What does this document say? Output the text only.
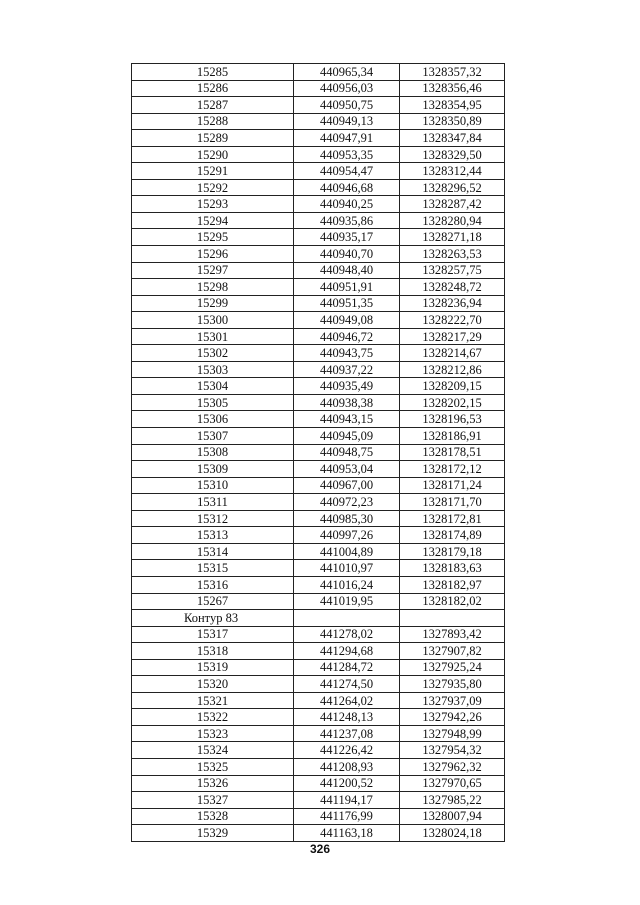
15285	440965,34	1328357,32
15286	440956,03	1328356,46
15287	440950,75	1328354,95
15288	440949,13	1328350,89
15289	440947,91	1328347,84
15290	440953,35	1328329,50
15291	440954,47	1328312,44
15292	440946,68	1328296,52
15293	440940,25	1328287,42
15294	440935,86	1328280,94
15295	440935,17	1328271,18
15296	440940,70	1328263,53
15297	440948,40	1328257,75
15298	440951,91	1328248,72
15299	440951,35	1328236,94
15300	440949,08	1328222,70
15301	440946,72	1328217,29
15302	440943,75	1328214,67
15303	440937,22	1328212,86
15304	440935,49	1328209,15
15305	440938,38	1328202,15
15306	440943,15	1328196,53
15307	440945,09	1328186,91
15308	440948,75	1328178,51
15309	440953,04	1328172,12
15310	440967,00	1328171,24
15311	440972,23	1328171,70
15312	440985,30	1328172,81
15313	440997,26	1328174,89
15314	441004,89	1328179,18
15315	441010,97	1328183,63
15316	441016,24	1328182,97
15267	441019,95	1328182,02
Контур 83		
15317	441278,02	1327893,42
15318	441294,68	1327907,82
15319	441284,72	1327925,24
15320	441274,50	1327935,80
15321	441264,02	1327937,09
15322	441248,13	1327942,26
15323	441237,08	1327948,99
15324	441226,42	1327954,32
15325	441208,93	1327962,32
15326	441200,52	1327970,65
15327	441194,17	1327985,22
15328	441176,99	1328007,94
15329	441163,18	1328024,18
326
